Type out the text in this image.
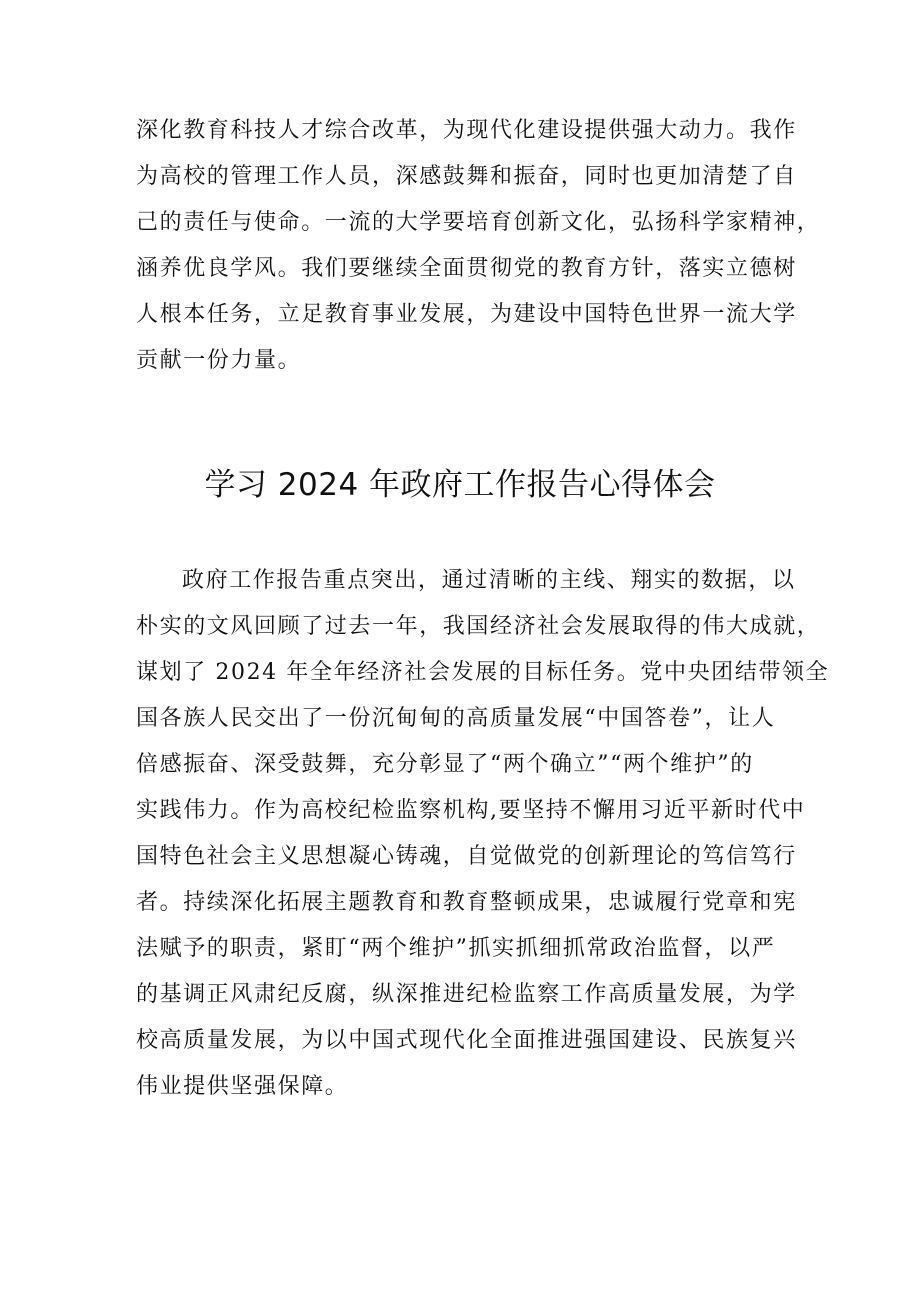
深化教育科技人才综合改革，为现代化建设提供强大动力。我作
为高校的管理工作人员，深感鼓舞和振奋，同时也更加清楚了自
己的责任与使命。一流的大学要培育创新文化，弘扬科学家精神，
涵养优良学风。我们要继续全面贯彻党的教育方针，落实立德树
人根本任务，立足教育事业发展，为建设中国特色世界一流大学
贡献一份力量。
学习 2024 年政府工作报告心得体会
政府工作报告重点突出，通过清晰的主线、翔实的数据，以
朴实的文风回顾了过去一年，我国经济社会发展取得的伟大成就，
谋划了 2024 年全年经济社会发展的目标任务。党中央团结带领全
国各族人民交出了一份沉甸甸的高质量发展“中国答卷”，让人
倍感振奋、深受鼓舞，充分彰显了“两个确立”“两个维护”的
实践伟力。作为高校纪检监察机构,要坚持不懈用习近平新时代中
国特色社会主义思想凝心铸魂，自觉做党的创新理论的笃信笃行
者。持续深化拓展主题教育和教育整顿成果，忠诚履行党章和宪
法赋予的职责，紧盯“两个维护”抓实抓细抓常政治监督，以严
的基调正风肃纪反腐，纵深推进纪检监察工作高质量发展，为学
校高质量发展，为以中国式现代化全面推进强国建设、民族复兴
伟业提供坚强保障。
